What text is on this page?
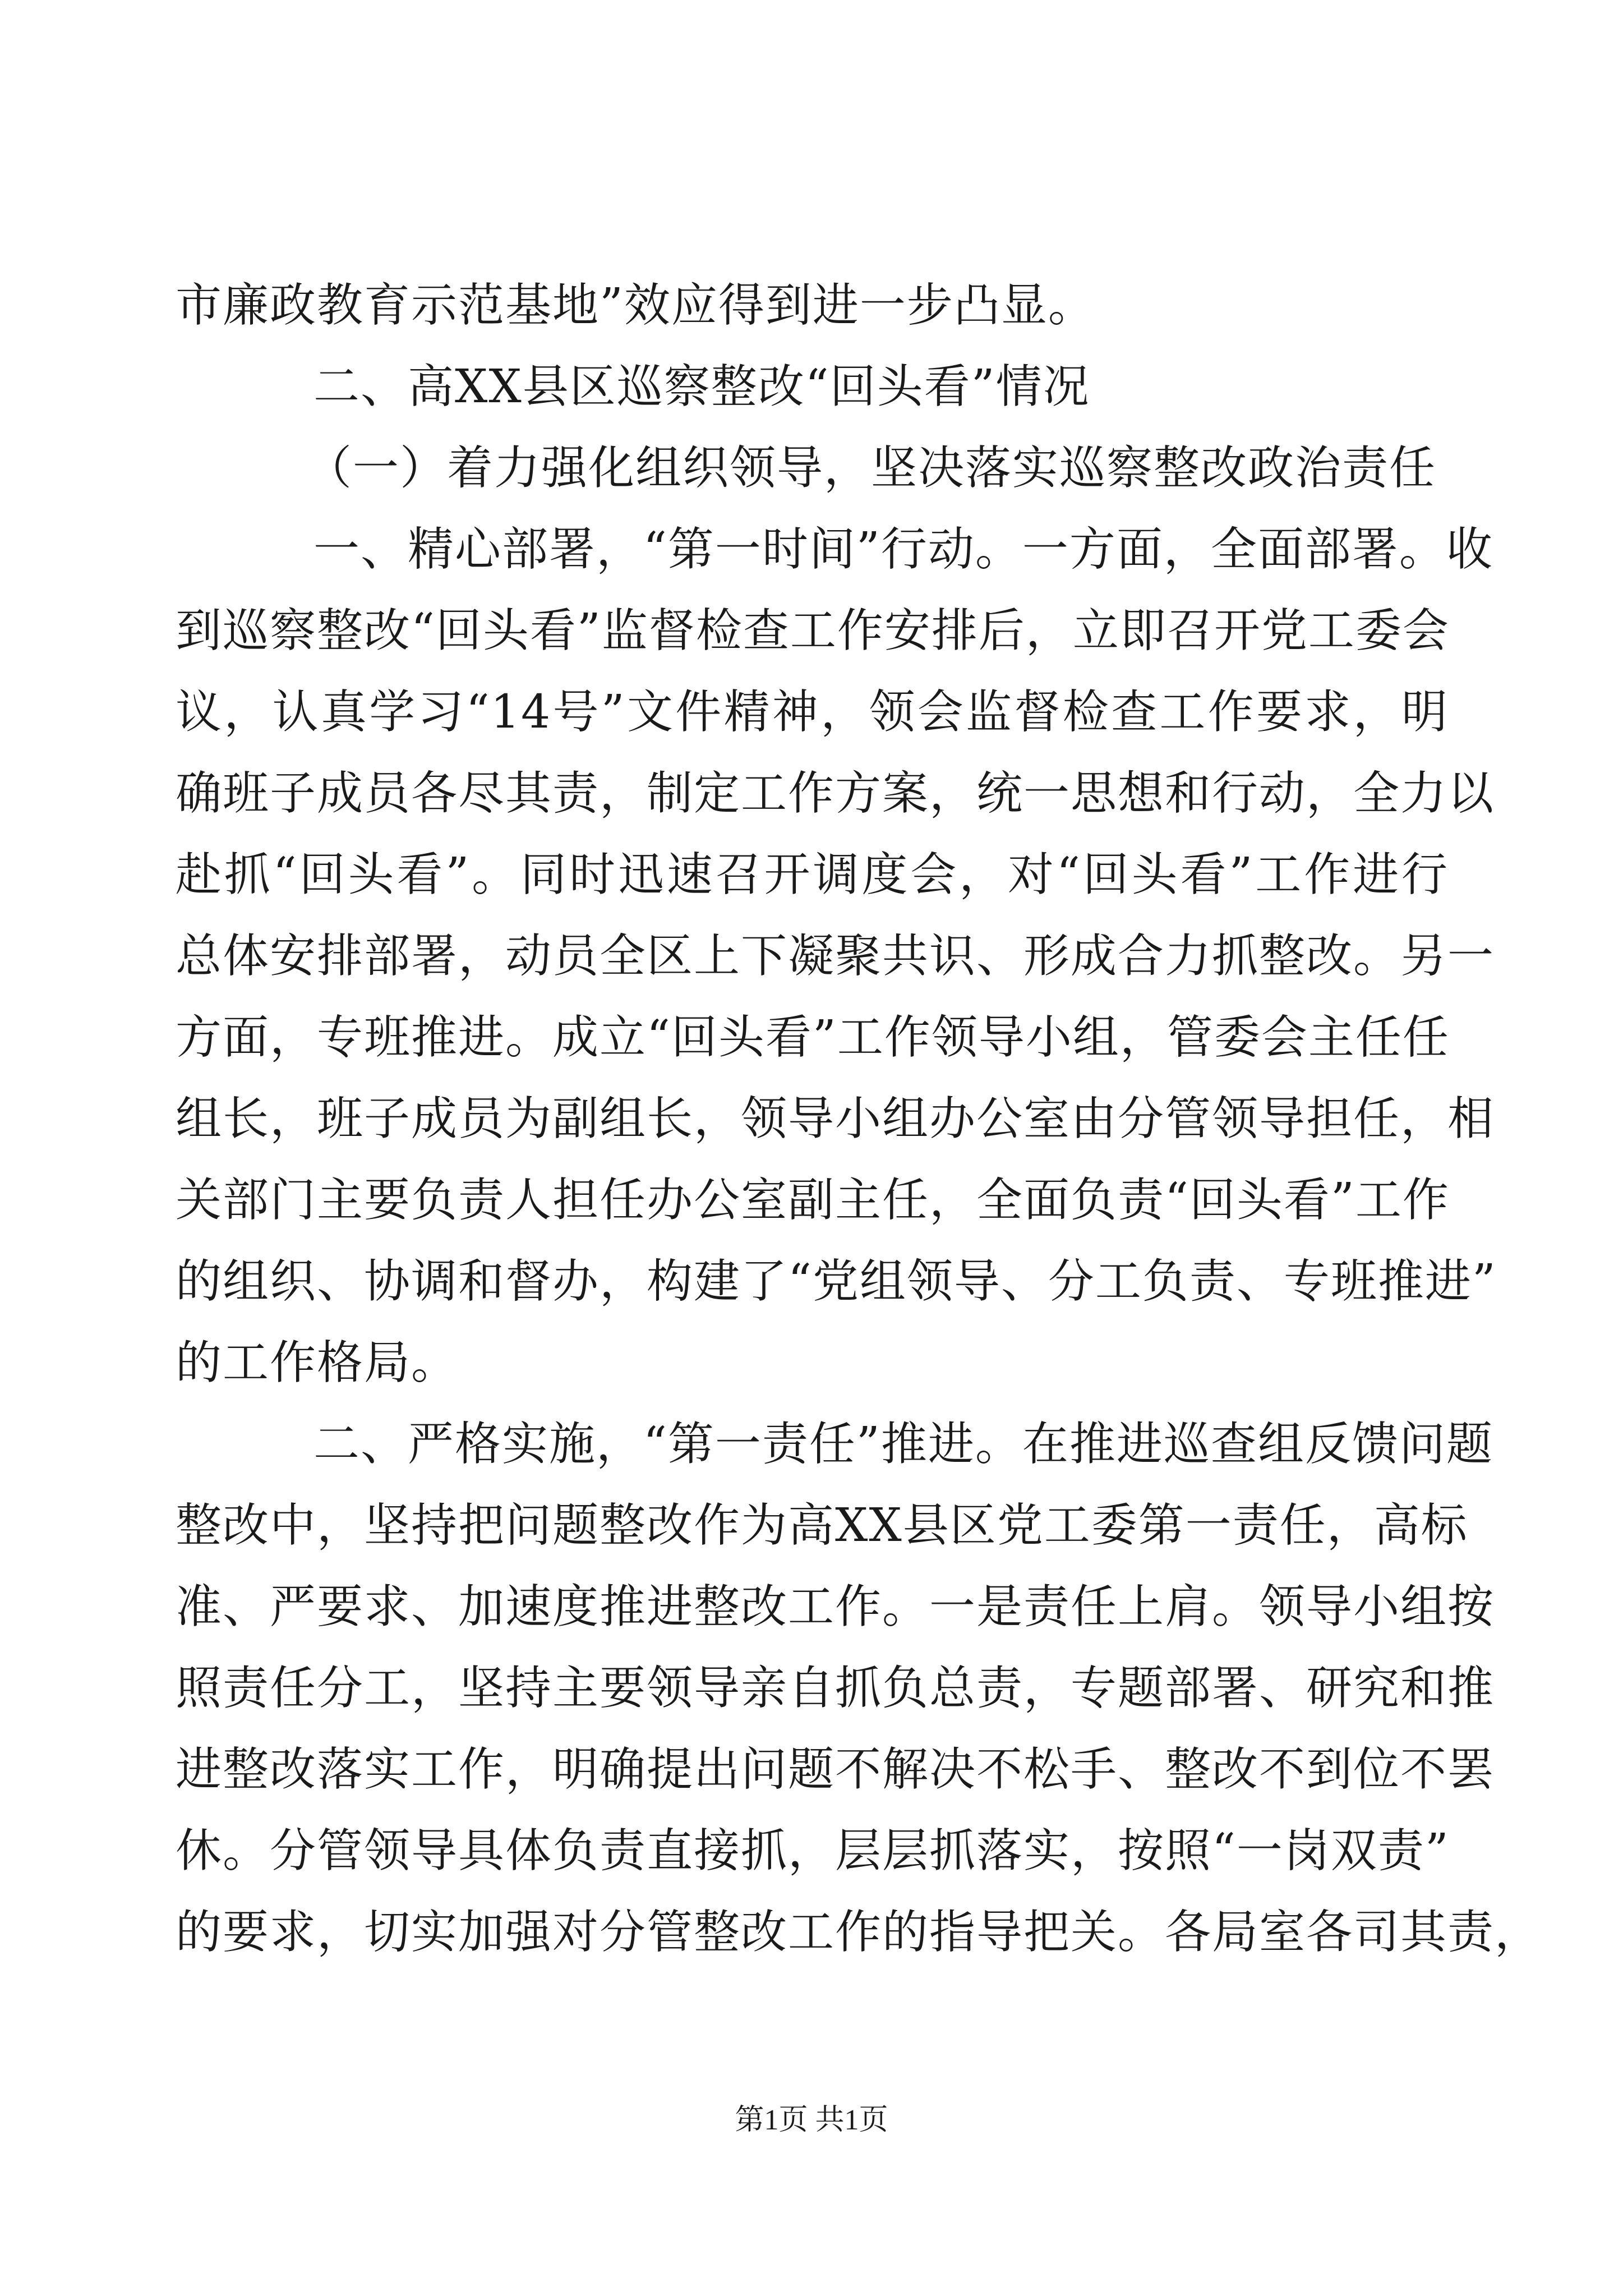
市廉政教育示范基地”效应得到进一步凸显。
二、高XX县区巡察整改“回头看”情况
（一）着力强化组织领导，坚决落实巡察整改政治责任
一、精心部署，“第一时间”行动。一方面，全面部署。收
到巡察整改“回头看”监督检查工作安排后，立即召开党工委会
议，认真学习“14号”文件精神，领会监督检查工作要求，明
确班子成员各尽其责，制定工作方案，统一思想和行动，全力以
赴抓“回头看”。同时迅速召开调度会，对“回头看”工作进行
总体安排部署，动员全区上下凝聚共识、形成合力抓整改。另一
方面，专班推进。成立“回头看”工作领导小组，管委会主任任
组长，班子成员为副组长，领导小组办公室由分管领导担任，相
关部门主要负责人担任办公室副主任，全面负责“回头看”工作
的组织、协调和督办，构建了“党组领导、分工负责、专班推进”
的工作格局。
二、严格实施，“第一责任”推进。在推进巡查组反馈问题
整改中，坚持把问题整改作为高XX县区党工委第一责任，高标
准、严要求、加速度推进整改工作。一是责任上肩。领导小组按
照责任分工，坚持主要领导亲自抓负总责，专题部署、研究和推
进整改落实工作，明确提出问题不解决不松手、整改不到位不罢
休。分管领导具体负责直接抓，层层抓落实，按照“一岗双责”
的要求，切实加强对分管整改工作的指导把关。各局室各司其责，
第1页 共1页
